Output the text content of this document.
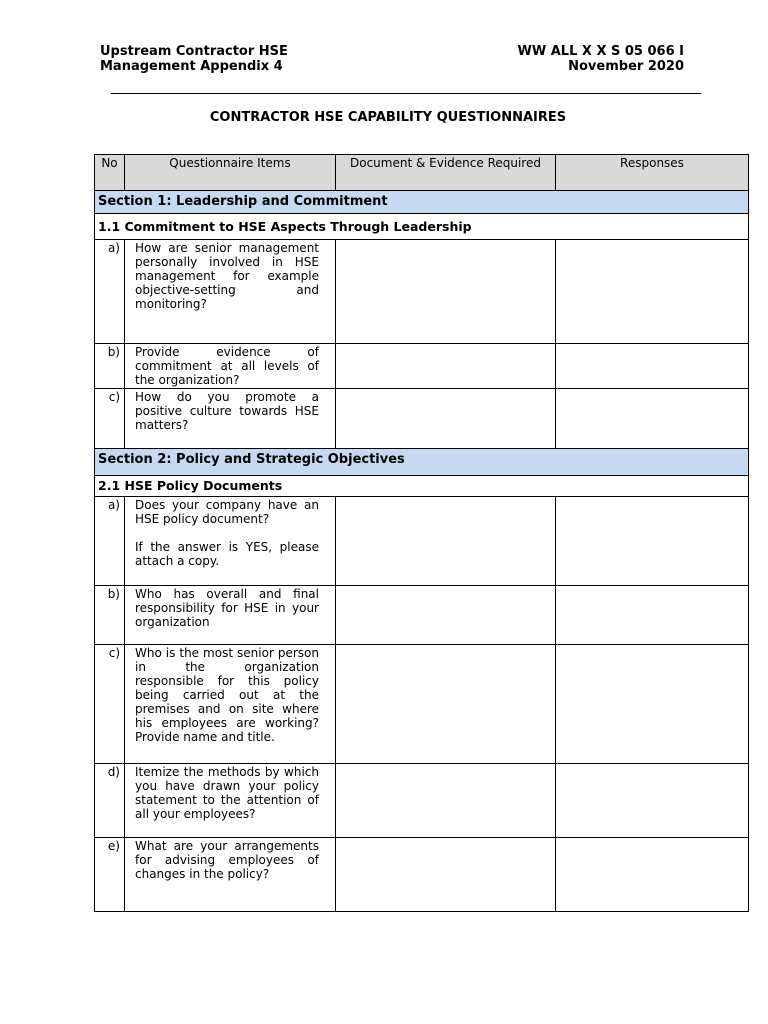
Upstream Contractor HSE
Management Appendix 4
WW ALL X X S 05 066 I
November 2020
CONTRACTOR HSE CAPABILITY QUESTIONNAIRES
No	Questionnaire Items	Document & Evidence Required	Responses
Section 1: Leadership and Commitment			
1.1 Commitment to HSE Aspects Through Leadership			
a)	How are senior management personally involved in HSE management for example objective-setting and monitoring?		

b)	Provide evidence of commitment at all levels of the organization?		

c)	How do you promote a positive culture towards HSE matters?		

Section 2: Policy and Strategic Objectives			
2.1 HSE Policy Documents			
a)	Does your company have an HSE policy document?

If the answer is YES, please attach a copy.		

b)	Who has overall and final responsibility for HSE in your organization		

c)	Who is the most senior person in the organization responsible for this policy being carried out at the premises and on site where his employees are working? Provide name and title.		

d)	Itemize the methods by which you have drawn your policy statement to the attention of all your employees?		

e)	What are your arrangements for advising employees of changes in the policy?		
